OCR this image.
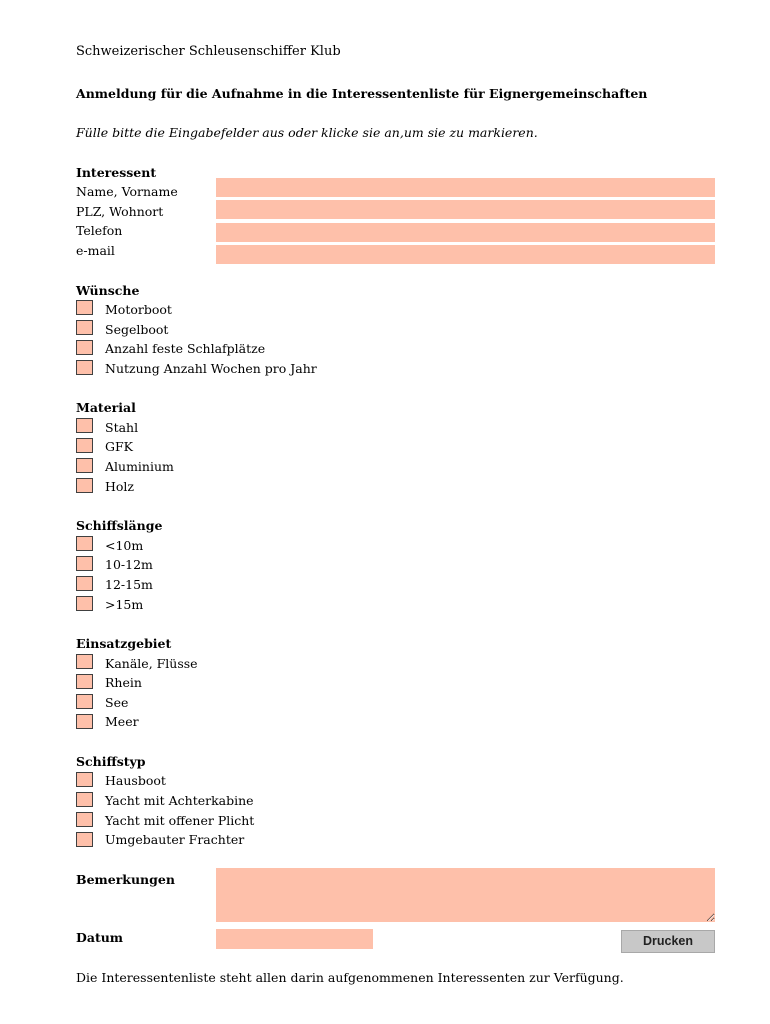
Schweizerischer Schleusenschiffer Klub
Anmeldung für die Aufnahme in die Interessentenliste für Eignergemeinschaften
Fülle bitte die Eingabefelder aus oder klicke sie an,um sie zu markieren.
Interessent
Name, Vorname
PLZ, Wohnort
Telefon
e-mail
Wünsche
Motorboot
Segelboot
Anzahl feste Schlafplätze
Nutzung Anzahl Wochen pro Jahr
Material
Stahl
GFK
Aluminium
Holz
Schiffslänge
<10m
10-12m
12-15m
>15m
Einsatzgebiet
Kanäle, Flüsse
Rhein
See
Meer
Schiffstyp
Hausboot
Yacht mit Achterkabine
Yacht mit offener Plicht
Umgebauter Frachter
Bemerkungen
Datum	Drucken
Die Interessentenliste steht allen darin aufgenommenen Interessenten zur Verfügung.
